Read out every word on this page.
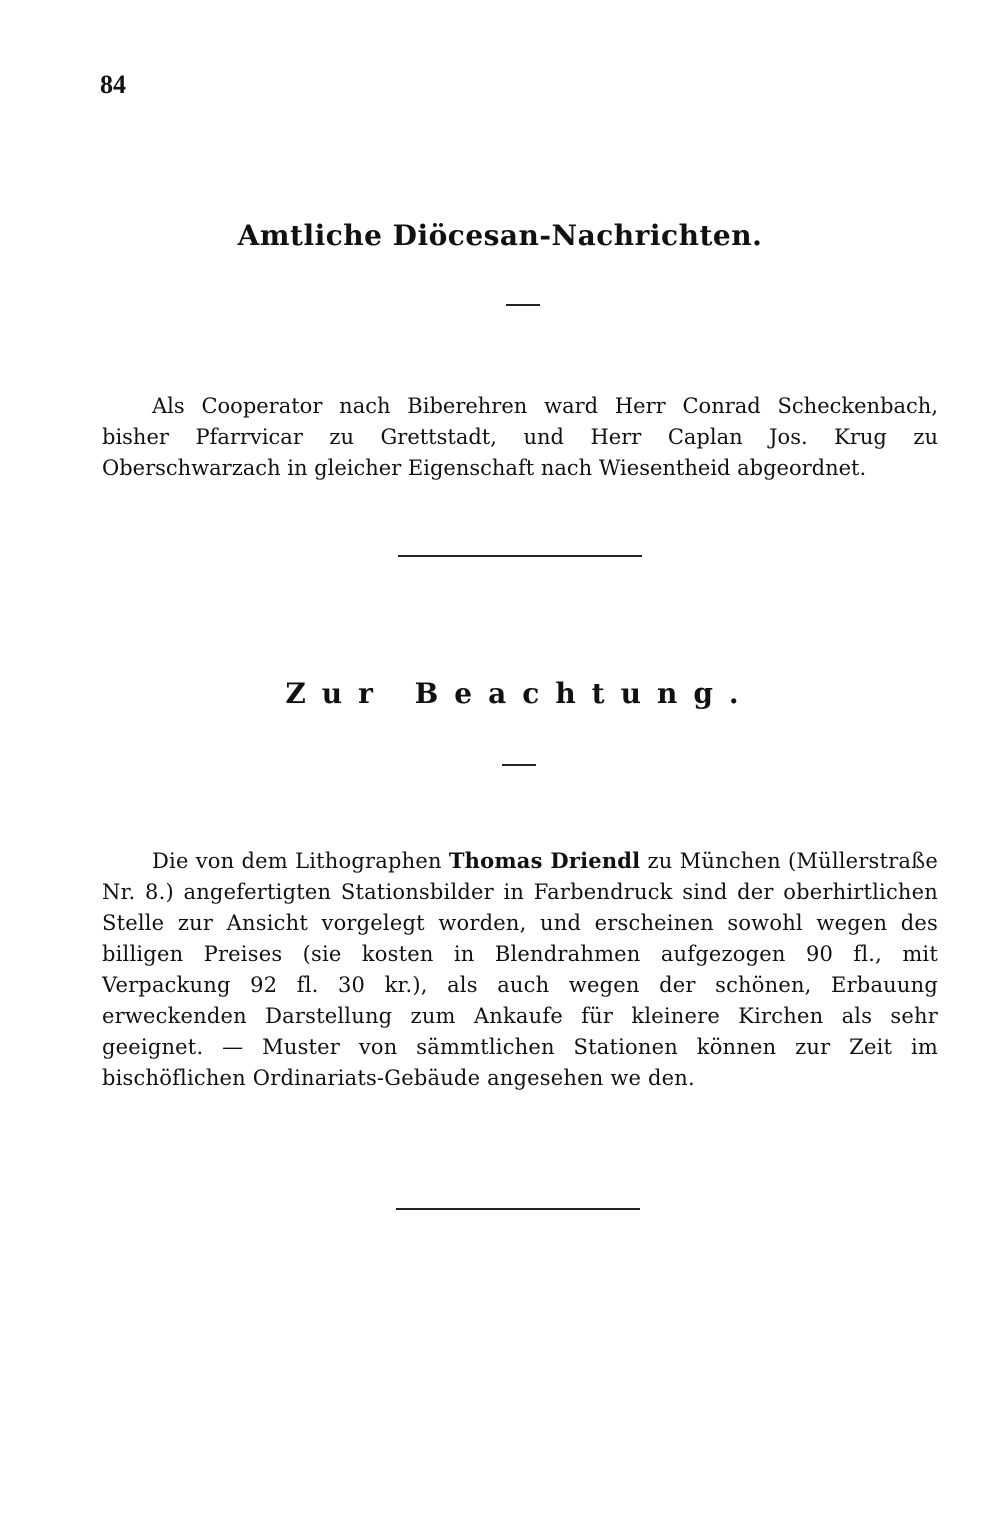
84
Amtliche Diöcesan-Nachrichten.

Als Cooperator nach Biberehren ward Herr Conrad Scheckenbach, bisher Pfarrvicar zu Grettstadt, und Herr Caplan Jos. Krug zu Oberschwarzach in gleicher Eigenschaft nach Wiesentheid abgeordnet.

Zur Beachtung.

Die von dem Lithographen Thomas Driendl zu München (Müllerstraße Nr. 8.) angefertigten Stationsbilder in Farbendruck sind der oberhirtlichen Stelle zur Ansicht vorgelegt worden, und erscheinen sowohl wegen des billigen Preises (sie kosten in Blendrahmen aufgezogen 90 fl., mit Verpackung 92 fl. 30 kr.), als auch wegen der schönen, Erbauung erweckenden Darstellung zum Ankaufe für kleinere Kirchen als sehr geeignet. — Muster von sämmtlichen Stationen können zur Zeit im bischöflichen Ordinariats-Gebäude angesehen we den.
